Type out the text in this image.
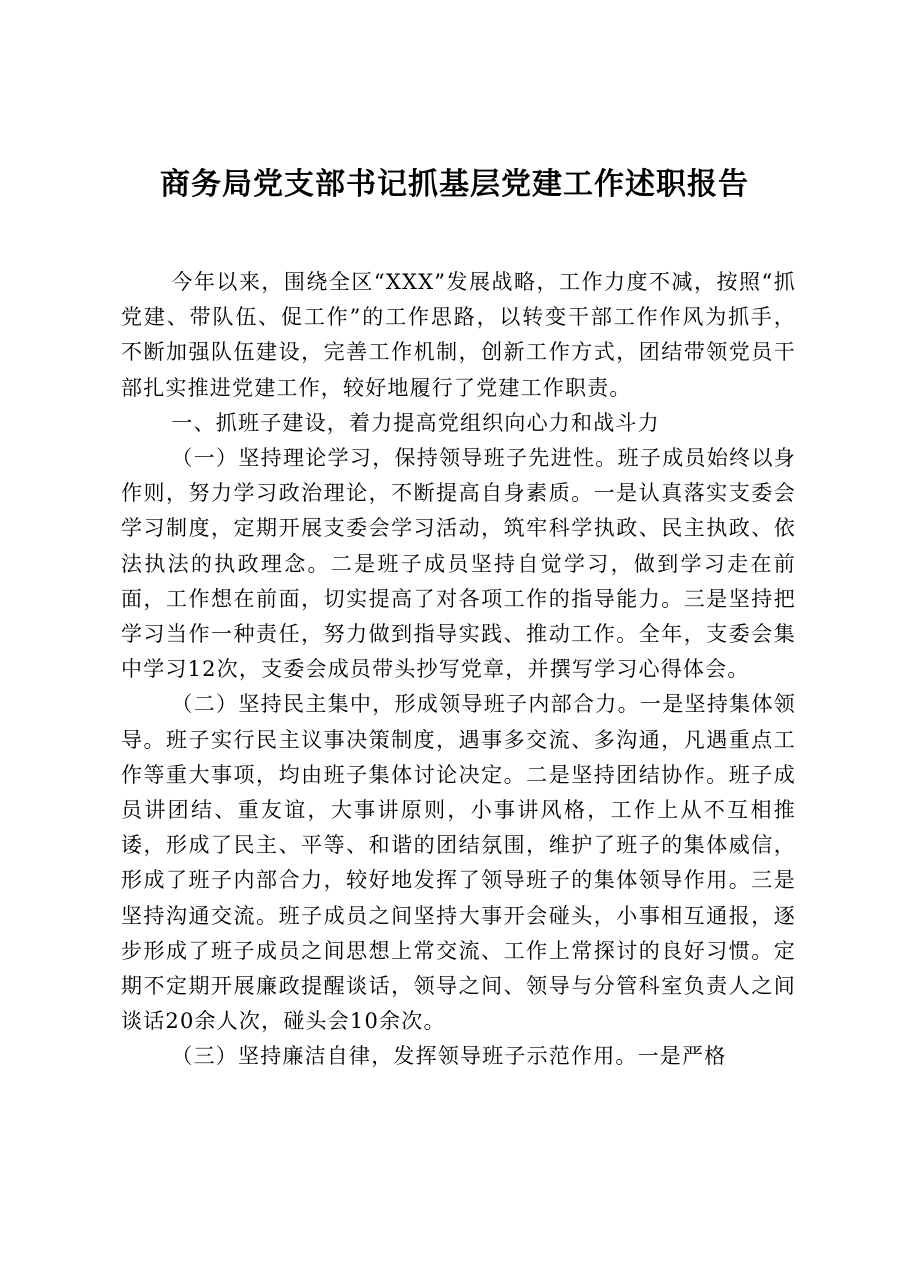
商务局党支部书记抓基层党建工作述职报告

今年以来，围绕全区“XXX”发展战略，工作力度不减，按照“抓党建、带队伍、促工作”的工作思路，以转变干部工作作风为抓手，不断加强队伍建设，完善工作机制，创新工作方式，团结带领党员干部扎实推进党建工作，较好地履行了党建工作职责。

一、抓班子建设，着力提高党组织向心力和战斗力

（一）坚持理论学习，保持领导班子先进性。班子成员始终以身作则，努力学习政治理论，不断提高自身素质。一是认真落实支委会学习制度，定期开展支委会学习活动，筑牢科学执政、民主执政、依法执法的执政理念。二是班子成员坚持自觉学习，做到学习走在前面，工作想在前面，切实提高了对各项工作的指导能力。三是坚持把学习当作一种责任，努力做到指导实践、推动工作。全年，支委会集中学习12次，支委会成员带头抄写党章，并撰写学习心得体会。

（二）坚持民主集中，形成领导班子内部合力。一是坚持集体领导。班子实行民主议事决策制度，遇事多交流、多沟通，凡遇重点工作等重大事项，均由班子集体讨论决定。二是坚持团结协作。班子成员讲团结、重友谊，大事讲原则，小事讲风格，工作上从不互相推诿，形成了民主、平等、和谐的团结氛围，维护了班子的集体威信，形成了班子内部合力，较好地发挥了领导班子的集体领导作用。三是坚持沟通交流。班子成员之间坚持大事开会碰头，小事相互通报，逐步形成了班子成员之间思想上常交流、工作上常探讨的良好习惯。定期不定期开展廉政提醒谈话，领导之间、领导与分管科室负责人之间谈话20余人次，碰头会10余次。

（三）坚持廉洁自律，发挥领导班子示范作用。一是严格
